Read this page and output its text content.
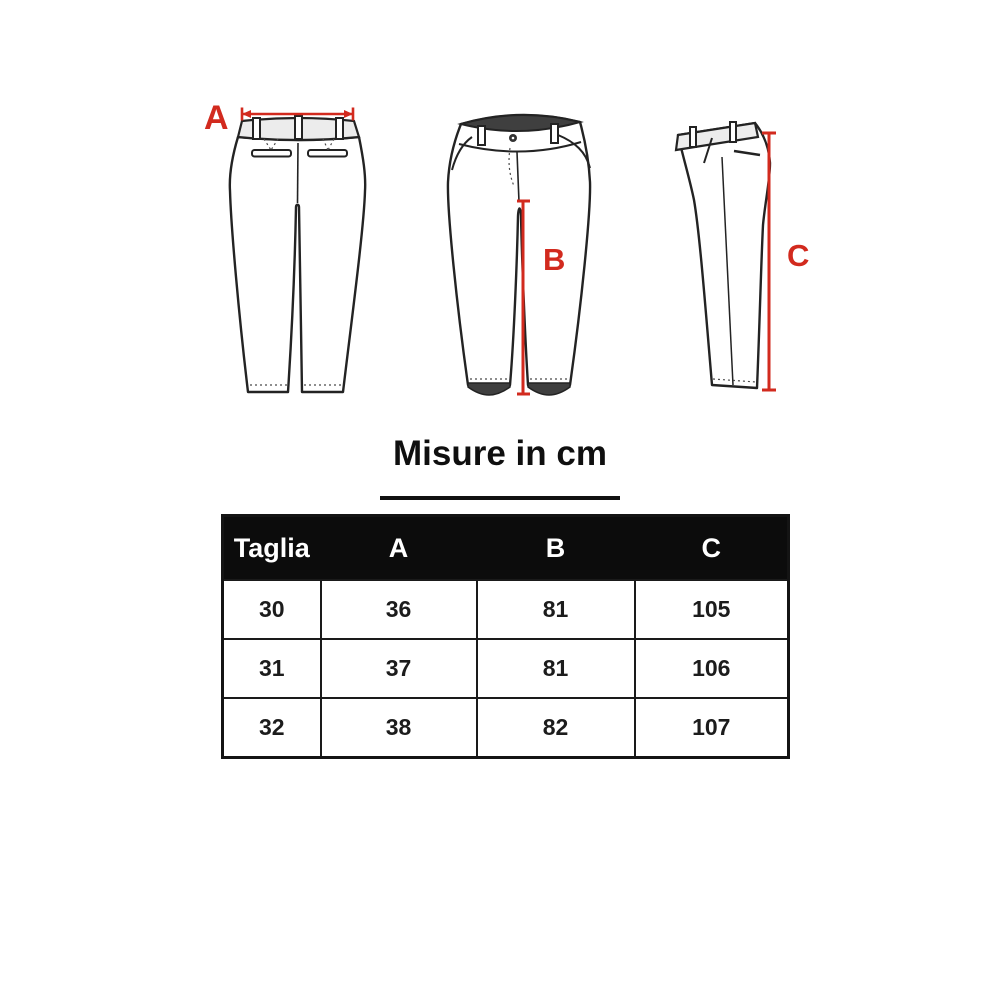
A
B	C
Misure in cm
Taglia	A	B	C
30	36	81	105
31	37	81	106
32	38	82	107
